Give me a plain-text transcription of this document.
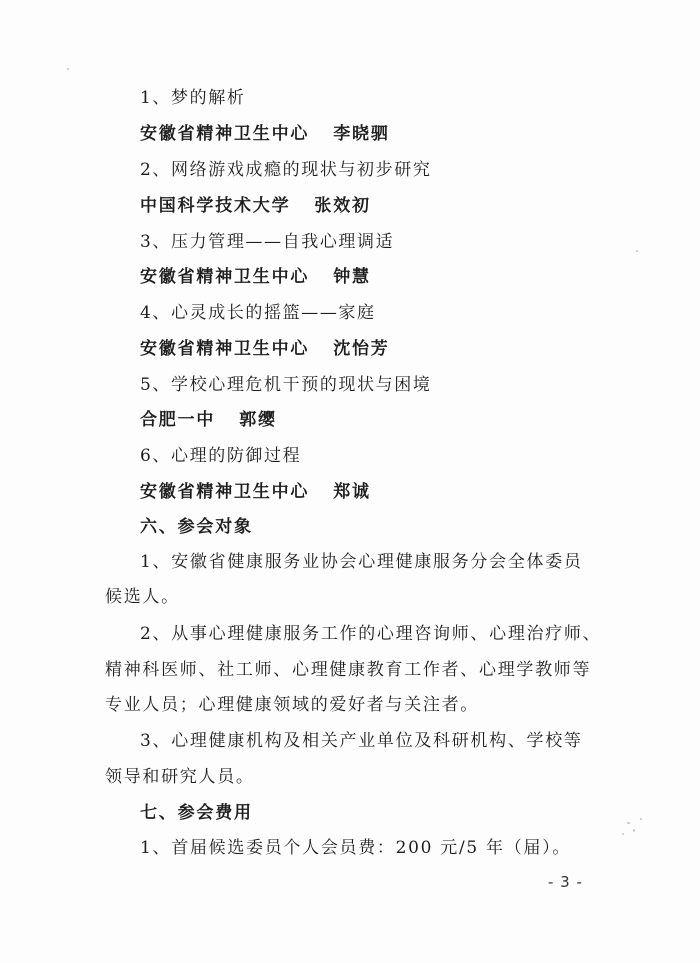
1、梦的解析
安徽省精神卫生中心 李晓驷
2、网络游戏成瘾的现状与初步研究
中国科学技术大学 张效初
3、压力管理——自我心理调适
安徽省精神卫生中心 钟慧
4、心灵成长的摇篮——家庭
安徽省精神卫生中心 沈怡芳
5、学校心理危机干预的现状与困境
合肥一中 郭缨
6、心理的防御过程
安徽省精神卫生中心 郑诚
六、参会对象
1、安徽省健康服务业协会心理健康服务分会全体委员
候选人。
2、从事心理健康服务工作的心理咨询师、心理治疗师、
精神科医师、社工师、心理健康教育工作者、心理学教师等
专业人员；心理健康领域的爱好者与关注者。
3、心理健康机构及相关产业单位及科研机构、学校等
领导和研究人员。
七、参会费用
1、首届候选委员个人会员费：200 元/5 年（届）。
- 3 -
